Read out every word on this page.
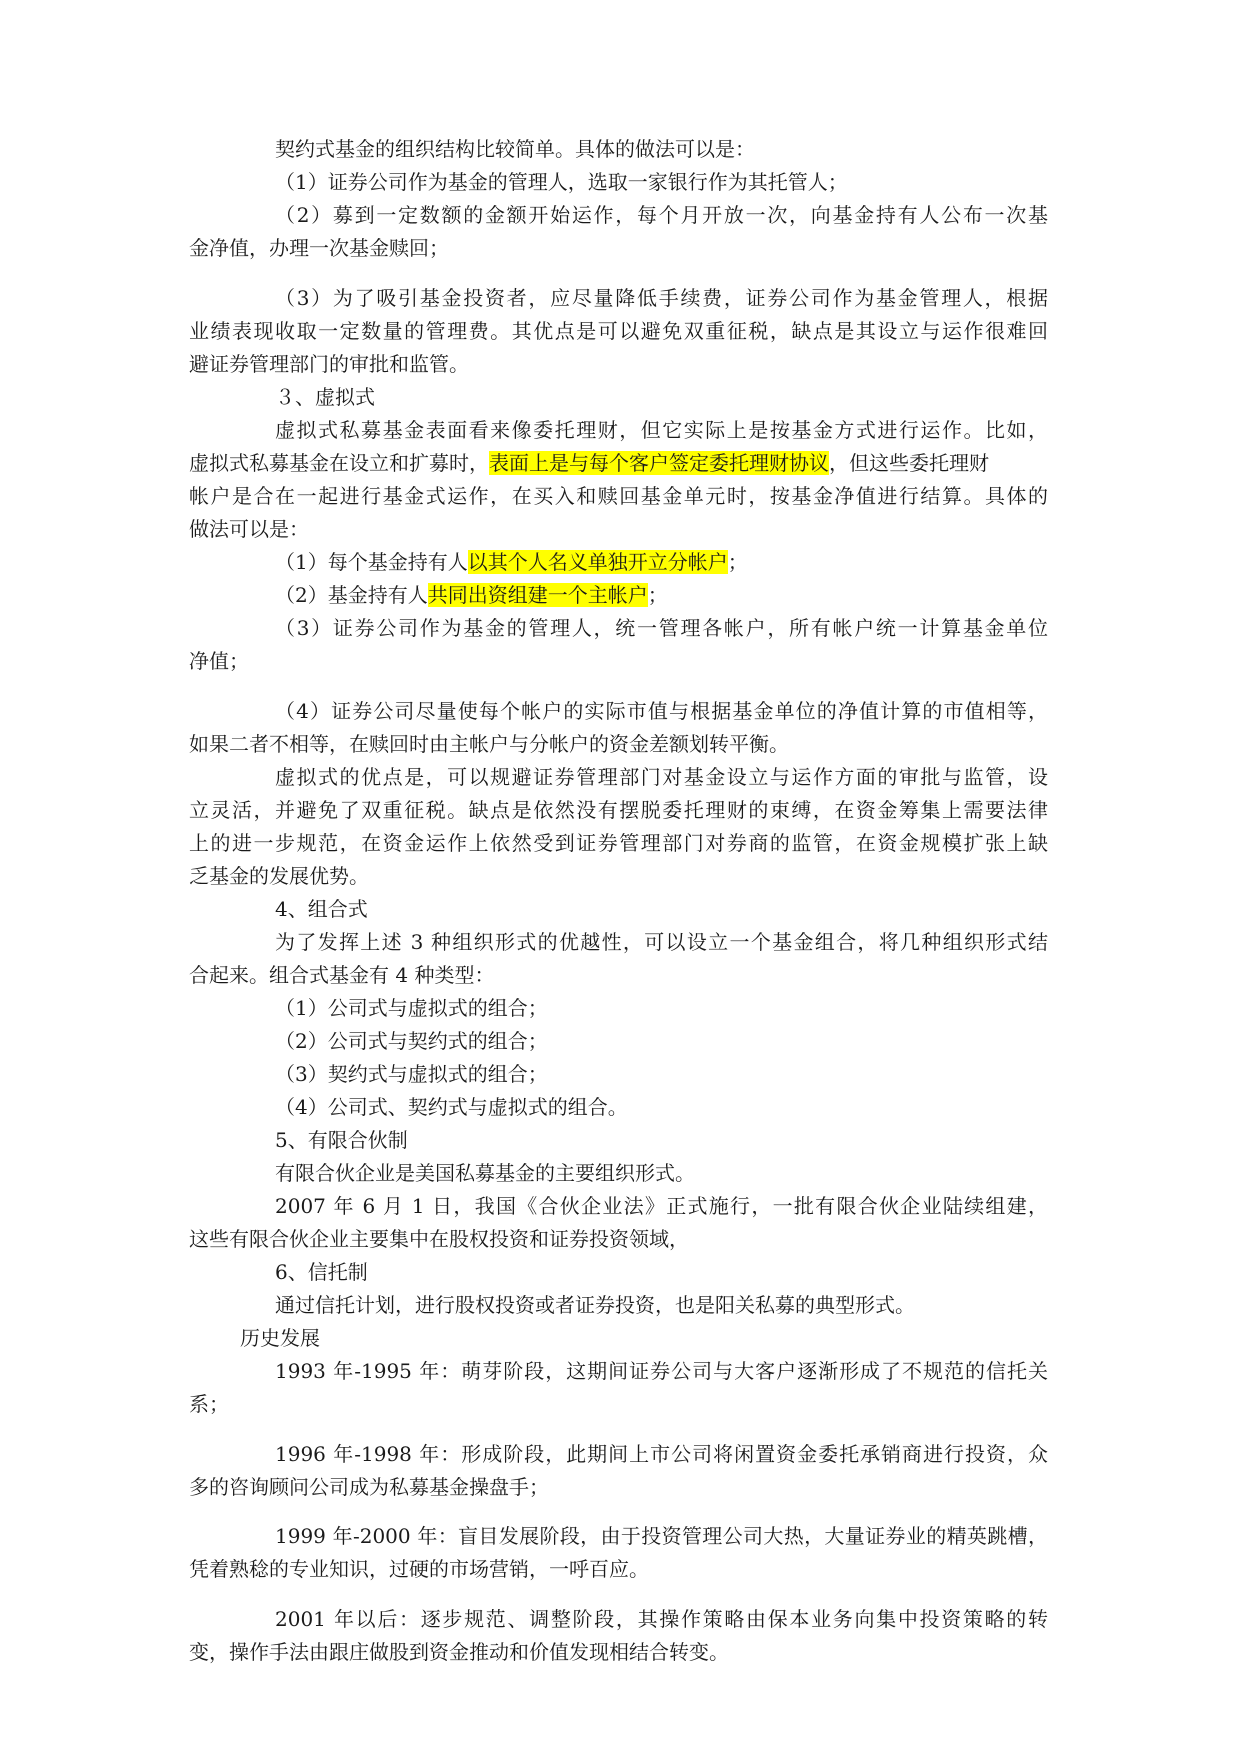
契约式基金的组织结构比较简单。具体的做法可以是：
（1）证券公司作为基金的管理人，选取一家银行作为其托管人；
（2）募到一定数额的金额开始运作，每个月开放一次，向基金持有人公布一次基
金净值，办理一次基金赎回；
（3）为了吸引基金投资者，应尽量降低手续费，证券公司作为基金管理人，根据
业绩表现收取一定数量的管理费。其优点是可以避免双重征税，缺点是其设立与运作很难回
避证券管理部门的审批和监管。
３、虚拟式
虚拟式私募基金表面看来像委托理财，但它实际上是按基金方式进行运作。比如，
虚拟式私募基金在设立和扩募时，表面上是与每个客户签定委托理财协议，但这些委托理财
帐户是合在一起进行基金式运作，在买入和赎回基金单元时，按基金净值进行结算。具体的
做法可以是：
（1）每个基金持有人以其个人名义单独开立分帐户；
（2）基金持有人共同出资组建一个主帐户；
（3）证券公司作为基金的管理人，统一管理各帐户，所有帐户统一计算基金单位
净值；
（4）证券公司尽量使每个帐户的实际市值与根据基金单位的净值计算的市值相等，
如果二者不相等，在赎回时由主帐户与分帐户的资金差额划转平衡。
虚拟式的优点是，可以规避证券管理部门对基金设立与运作方面的审批与监管，设
立灵活，并避免了双重征税。缺点是依然没有摆脱委托理财的束缚，在资金筹集上需要法律
上的进一步规范，在资金运作上依然受到证券管理部门对券商的监管，在资金规模扩张上缺
乏基金的发展优势。
4、组合式
为了发挥上述 3 种组织形式的优越性，可以设立一个基金组合，将几种组织形式结
合起来。组合式基金有 4 种类型：
（1）公司式与虚拟式的组合；
（2）公司式与契约式的组合；
（3）契约式与虚拟式的组合；
（4）公司式、契约式与虚拟式的组合。
5、有限合伙制
有限合伙企业是美国私募基金的主要组织形式。
2007 年 6 月 1 日，我国《合伙企业法》正式施行，一批有限合伙企业陆续组建，
这些有限合伙企业主要集中在股权投资和证券投资领域，
6、信托制
通过信托计划，进行股权投资或者证券投资，也是阳关私募的典型形式。
历史发展
1993 年-1995 年：萌芽阶段，这期间证券公司与大客户逐渐形成了不规范的信托关
系；
1996 年-1998 年：形成阶段，此期间上市公司将闲置资金委托承销商进行投资，众
多的咨询顾问公司成为私募基金操盘手；
1999 年-2000 年：盲目发展阶段，由于投资管理公司大热，大量证券业的精英跳槽，
凭着熟稔的专业知识，过硬的市场营销，一呼百应。
2001 年以后：逐步规范、调整阶段，其操作策略由保本业务向集中投资策略的转
变，操作手法由跟庄做股到资金推动和价值发现相结合转变。
